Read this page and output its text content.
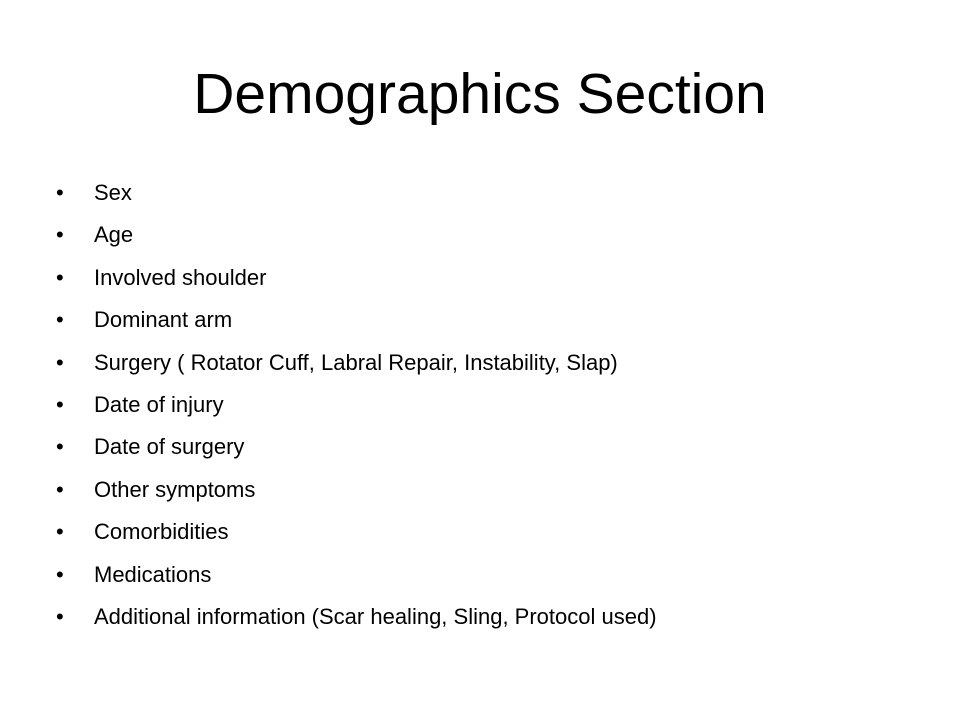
Demographics Section
•	Sex
•	Age
•	Involved shoulder
•	Dominant arm
•	Surgery ( Rotator Cuff, Labral Repair, Instability, Slap)
•	Date of injury
•	Date of surgery
•	Other symptoms
•	Comorbidities
•	Medications
•	Additional information (Scar healing, Sling, Protocol used)
